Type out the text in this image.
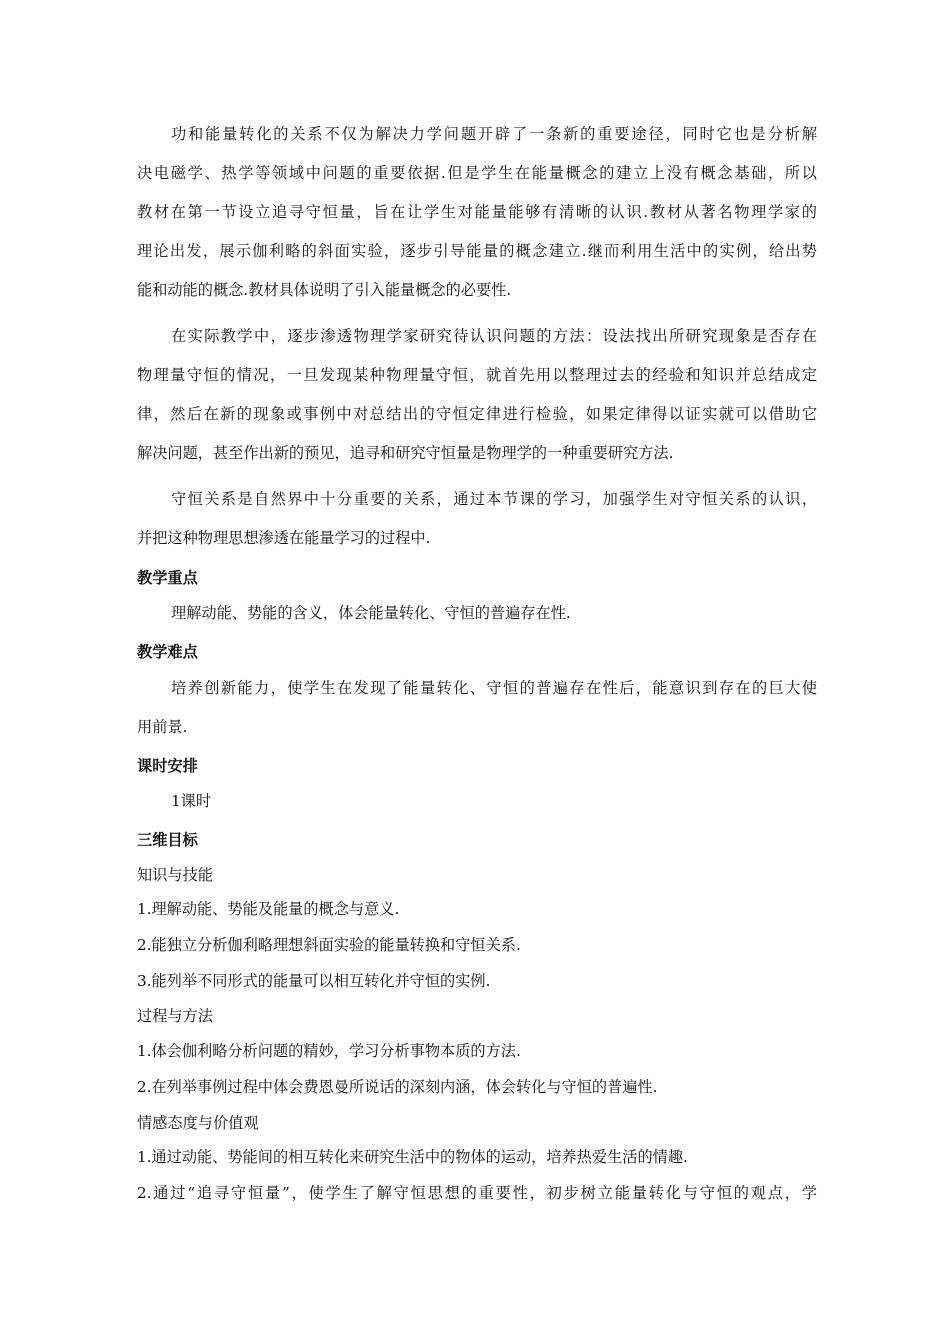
功和能量转化的关系不仅为解决力学问题开辟了一条新的重要途径，同时它也是分析解
决电磁学、热学等领域中问题的重要依据.但是学生在能量概念的建立上没有概念基础，所以
教材在第一节设立追寻守恒量，旨在让学生对能量能够有清晰的认识.教材从著名物理学家的
理论出发，展示伽利略的斜面实验，逐步引导能量的概念建立.继而利用生活中的实例，给出势
能和动能的概念.教材具体说明了引入能量概念的必要性.
在实际教学中，逐步渗透物理学家研究待认识问题的方法：设法找出所研究现象是否存在
物理量守恒的情况，一旦发现某种物理量守恒，就首先用以整理过去的经验和知识并总结成定
律，然后在新的现象或事例中对总结出的守恒定律进行检验，如果定律得以证实就可以借助它
解决问题，甚至作出新的预见，追寻和研究守恒量是物理学的一种重要研究方法.
守恒关系是自然界中十分重要的关系，通过本节课的学习，加强学生对守恒关系的认识，
并把这种物理思想渗透在能量学习的过程中.
教学重点
理解动能、势能的含义，体会能量转化、守恒的普遍存在性.
教学难点
培养创新能力，使学生在发现了能量转化、守恒的普遍存在性后，能意识到存在的巨大使
用前景.
课时安排
1课时
三维目标
知识与技能
1.理解动能、势能及能量的概念与意义.
2.能独立分析伽利略理想斜面实验的能量转换和守恒关系.
3.能列举不同形式的能量可以相互转化并守恒的实例.
过程与方法
1.体会伽利略分析问题的精妙，学习分析事物本质的方法.
2.在列举事例过程中体会费恩曼所说话的深刻内涵，体会转化与守恒的普遍性.
情感态度与价值观
1.通过动能、势能间的相互转化来研究生活中的物体的运动，培养热爱生活的情趣.
2.通过“追寻守恒量”，使学生了解守恒思想的重要性，初步树立能量转化与守恒的观点，学
